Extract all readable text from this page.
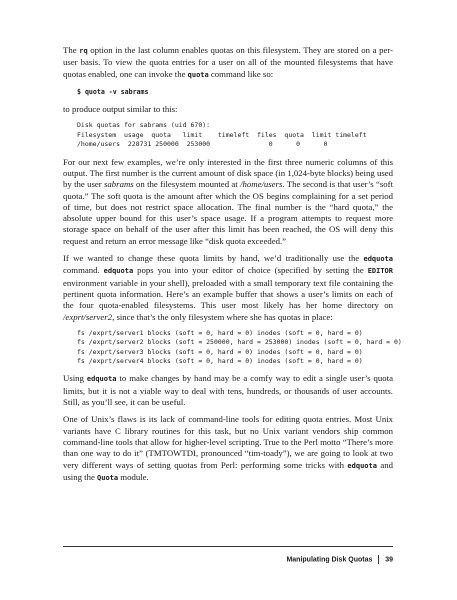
The rq option in the last column enables quotas on this filesystem. They are stored on a per-user basis. To view the quota entries for a user on all of the mounted filesystems that have quotas enabled, one can invoke the quota command like so:

$ quota -v sabrams

to produce output similar to this:

Disk quotas for sabrams (uid 670):
Filesystem  usage  quota   limit    timeleft  files  quota  limit timeleft
/home/users  228731 250000  253000               0      0      0

For our next few examples, we’re only interested in the first three numeric columns of this output. The first number is the current amount of disk space (in 1,024-byte blocks) being used by the user sabrams on the filesystem mounted at /home/users. The second is that user’s “soft quota.” The soft quota is the amount after which the OS begins complaining for a set period of time, but does not restrict space allocation. The final number is the “hard quota,” the absolute upper bound for this user’s space usage. If a program attempts to request more storage space on behalf of the user after this limit has been reached, the OS will deny this request and return an error message like “disk quota exceeded.”

If we wanted to change these quota limits by hand, we’d traditionally use the edquota command. edquota pops you into your editor of choice (specified by setting the EDITOR environment variable in your shell), preloaded with a small temporary text file containing the pertinent quota information. Here’s an example buffer that shows a user’s limits on each of the four quota-enabled filesystems. This user most likely has her home directory on /exprt/server2, since that’s the only filesystem where she has quotas in place:

fs /exprt/server1 blocks (soft = 0, hard = 0) inodes (soft = 0, hard = 0)
fs /exprt/server2 blocks (soft = 250000, hard = 253000) inodes (soft = 0, hard = 0)
fs /exprt/server3 blocks (soft = 0, hard = 0) inodes (soft = 0, hard = 0)
fs /exprt/server4 blocks (soft = 0, hard = 0) inodes (soft = 0, hard = 0)

Using edquota to make changes by hand may be a comfy way to edit a single user’s quota limits, but it is not a viable way to deal with tens, hundreds, or thousands of user accounts. Still, as you’ll see, it can be useful.

One of Unix’s flaws is its lack of command-line tools for editing quota entries. Most Unix variants have C library routines for this task, but no Unix variant vendors ship common command-line tools that allow for higher-level scripting. True to the Perl motto “There’s more than one way to do it” (TMTOWTDI, pronounced “tim-toady”), we are going to look at two very different ways of setting quotas from Perl: performing some tricks with edquota and using the Quota module.

Manipulating Disk Quotas 39
